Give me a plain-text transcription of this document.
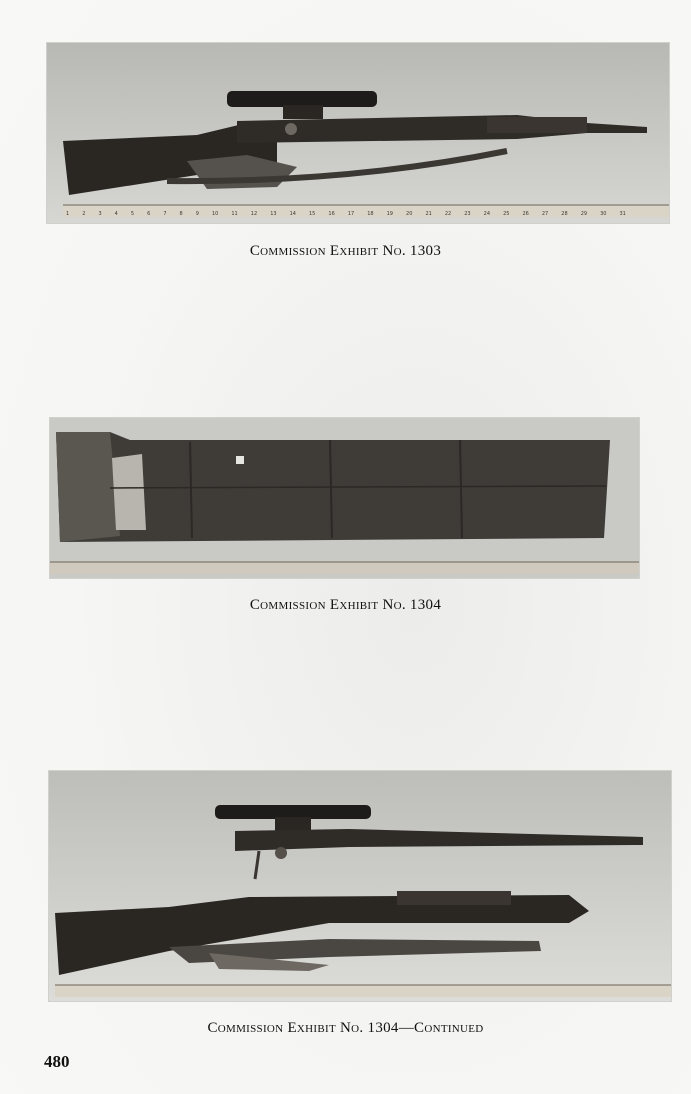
Commission Exhibit No. 1303
Commission Exhibit No. 1304
Commission Exhibit No. 1304—Continued
480
1	2	3	4	5	6	7	8	9	10	11	12	13	14	15	16	17	18	19	20	21	22	23	24	25	26	27	28	29	30	31
